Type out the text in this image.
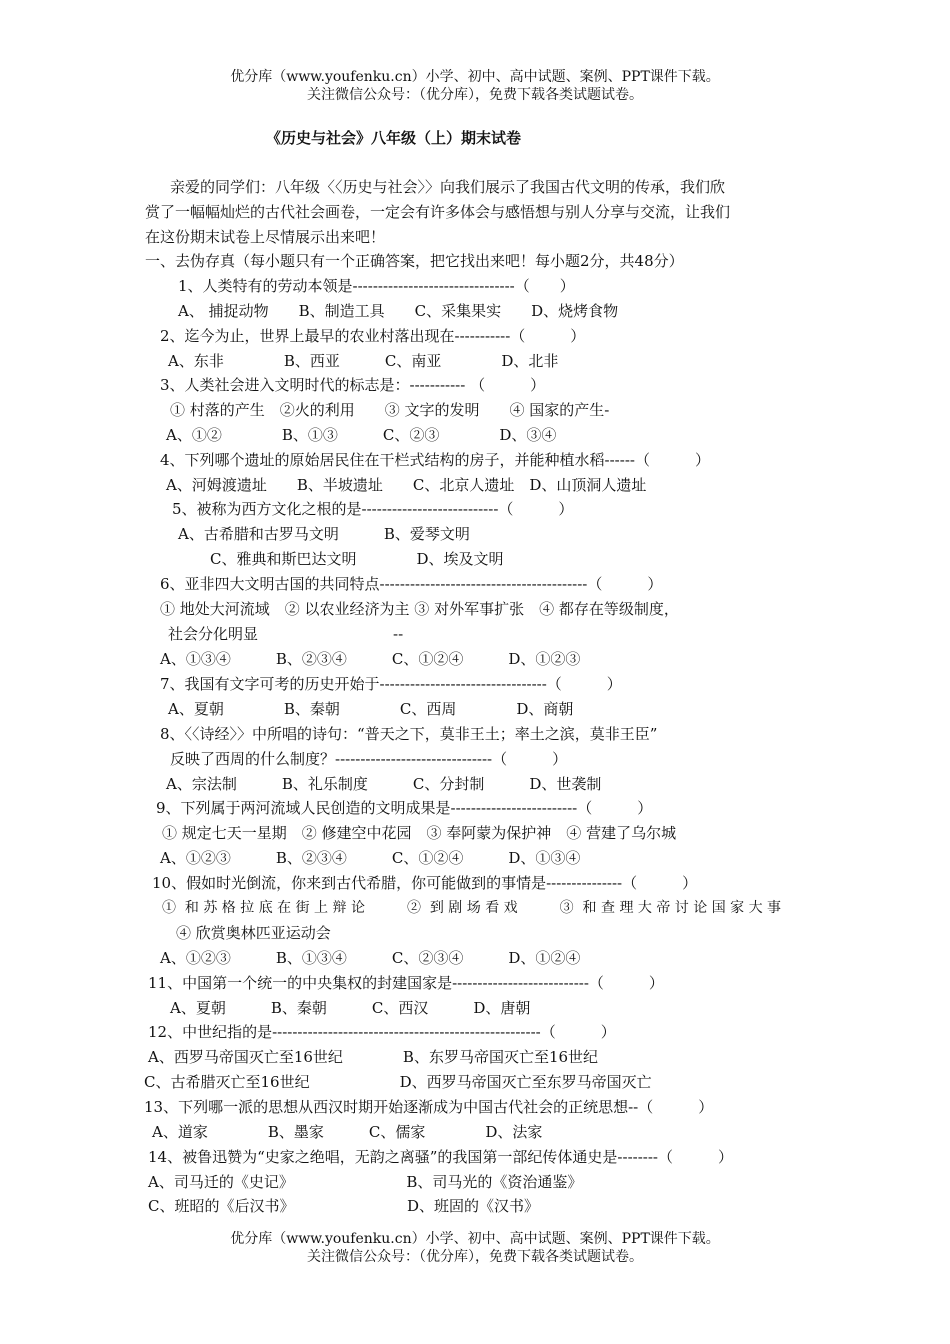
优分库（www.youfenku.cn）小学、初中、高中试题、案例、PPT课件下载。
关注微信公众号：（优分库），免费下载各类试题试卷。
《历史与社会》八年级（上）期末试卷
亲爱的同学们：八年级〈〈历史与社会〉〉向我们展示了我国古代文明的传承，我们欣
赏了一幅幅灿烂的古代社会画卷，一定会有许多体会与感悟想与别人分享与交流，让我们
在这份期末试卷上尽情展示出来吧！
一、去伪存真（每小题只有一个正确答案，把它找出来吧！每小题2分，共48分）
1、人类特有的劳动本领是--------------------------------（　　）
A、 捕捉动物　　B、制造工具　　C、采集果实　　D、烧烤食物
2、迄今为止，世界上最早的农业村落出现在-----------（　　　）
A、东非　　　　B、西亚　　　C、南亚　　　　D、北非
3、人类社会进入文明时代的标志是：----------- （　　　）
① 村落的产生　②火的利用　　③ 文字的发明　　④ 国家的产生-
A、①②　　　　B、①③　　　C、②③　　　　D、③④
4、下列哪个遗址的原始居民住在干栏式结构的房子，并能种植水稻------（　　　）
A、河姆渡遗址　　B、半坡遗址　　C、北京人遗址　D、山顶洞人遗址
5、被称为西方文化之根的是---------------------------（　　　）
A、古希腊和古罗马文明　　　B、爱琴文明
C、雅典和斯巴达文明　　　　D、埃及文明
6、亚非四大文明古国的共同特点-----------------------------------------（　　　）
① 地处大河流域　② 以农业经济为主 ③ 对外军事扩张　④ 都存在等级制度，
社会分化明显　　　　　　　　　--
A、①③④　　　B、②③④　　　C、①②④　　　D、①②③
7、我国有文字可考的历史开始于---------------------------------（　　　）
A、夏朝　　　　B、秦朝　　　　C、西周　　　　D、商朝
8、〈〈诗经〉〉中所唱的诗句：“普天之下，莫非王土；率土之滨，莫非王臣”
反映了西周的什么制度？-------------------------------（　　　）
A、宗法制　　　B、礼乐制度　　　C、分封制　　　D、世袭制
9、下列属于两河流域人民创造的文明成果是-------------------------（　　　）
① 规定七天一星期　② 修建空中花园　③ 奉阿蒙为保护神　④ 营建了乌尔城
A、①②③　　　B、②③④　　　C、①②④　　　D、①③④
10、假如时光倒流，你来到古代希腊，你可能做到的事情是---------------（　　　）
①  和 苏 格 拉 底 在 街 上 辩 论　　　②  到 剧 场 看 戏　　　③  和 查 理 大 帝 讨 论 国 家 大 事
④ 欣赏奥林匹亚运动会
A、①②③　　　B、①③④　　　C、②③④　　　D、①②④
11、中国第一个统一的中央集权的封建国家是---------------------------（　　　）
A、夏朝　　　B、秦朝　　　C、西汉　　　D、唐朝
12、中世纪指的是-----------------------------------------------------（　　　）
A、西罗马帝国灭亡至16世纪　　　　B、东罗马帝国灭亡至16世纪
C、古希腊灭亡至16世纪　　　　　　D、西罗马帝国灭亡至东罗马帝国灭亡
13、下列哪一派的思想从西汉时期开始逐渐成为中国古代社会的正统思想--（　　　）
A、道家　　　　B、墨家　　　C、儒家　　　　D、法家
14、被鲁迅赞为“史家之绝唱，无韵之离骚”的我国第一部纪传体通史是--------（　　　）
A、司马迁的《史记》　　　　　　　　B、司马光的《资治通鉴》
C、班昭的《后汉书》　　　　　　　　D、班固的《汉书》
优分库（www.youfenku.cn）小学、初中、高中试题、案例、PPT课件下载。
关注微信公众号：（优分库），免费下载各类试题试卷。
